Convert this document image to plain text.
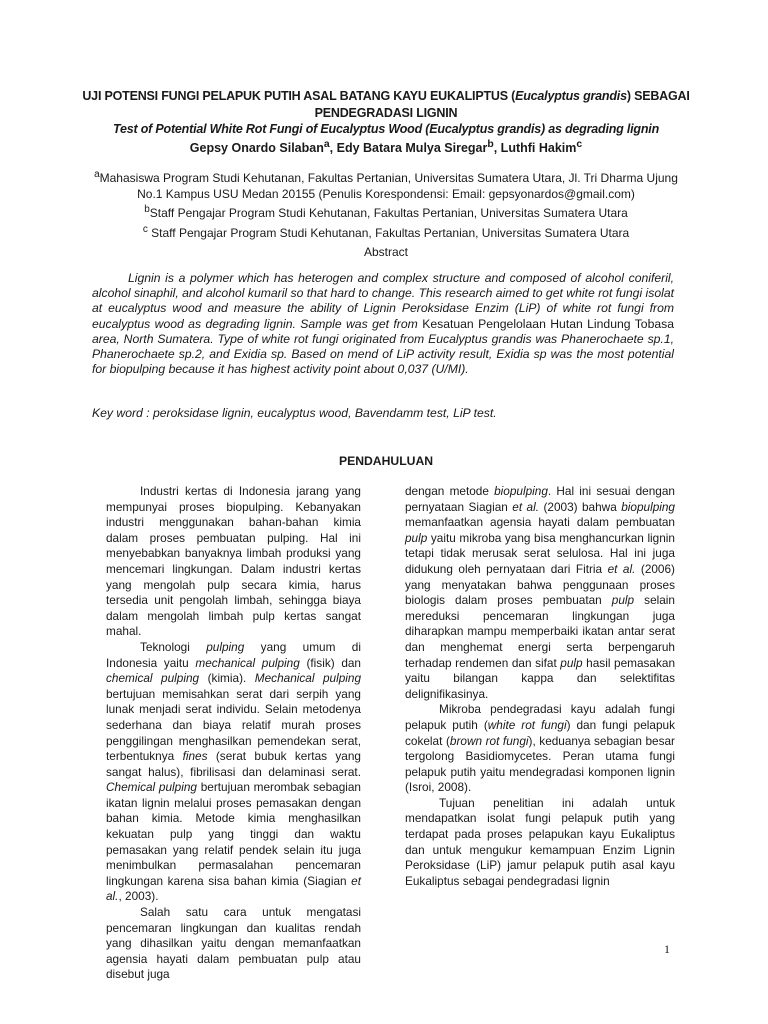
UJI POTENSI FUNGI PELAPUK PUTIH ASAL BATANG KAYU EUKALIPTUS (Eucalyptus grandis) SEBAGAI PENDEGRADASI LIGNIN
Test of Potential White Rot Fungi of Eucalyptus Wood (Eucalyptus grandis) as degrading lignin
Gepsy Onardo Silaban$^a$, Edy Batara Mulya Siregar$^b$, Luthfi Hakim$^c$
$^a$Mahasiswa Program Studi Kehutanan, Fakultas Pertanian, Universitas Sumatera Utara, Jl. Tri Dharma Ujung No.1 Kampus USU Medan 20155 (Penulis Korespondensi: Email: gepsyonardos@gmail.com)
$^b$Staff Pengajar Program Studi Kehutanan, Fakultas Pertanian, Universitas Sumatera Utara
$^c$ Staff Pengajar Program Studi Kehutanan, Fakultas Pertanian, Universitas Sumatera Utara
Abstract
Lignin is a polymer which has heterogen and complex structure and composed of alcohol coniferil, alcohol sinaphil, and alcohol kumaril so that hard to change. This research aimed to get white rot fungi isolat at eucalyptus wood and measure the ability of Lignin Peroksidase Enzim (LiP) of white rot fungi from eucalyptus wood as degrading lignin. Sample was get from Kesatuan Pengelolaan Hutan Lindung Tobasa area, North Sumatera. Type of white rot fungi originated from Eucalyptus grandis was Phanerochaete sp.1, Phanerochaete sp.2, and Exidia sp. Based on mend of LiP activity result, Exidia sp was the most potential for biopulping because it has highest activity point about 0,037 (U/MI).
Key word : peroksidase lignin, eucalyptus wood, Bavendamm test, LiP test.
PENDAHULUAN

Industri kertas di Indonesia jarang yang mempunyai proses biopulping. Kebanyakan industri menggunakan bahan-bahan kimia dalam proses pembuatan pulping. Hal ini menyebabkan banyaknya limbah produksi yang mencemari lingkungan. Dalam industri kertas yang mengolah pulp secara kimia, harus tersedia unit pengolah limbah, sehingga biaya dalam mengolah limbah pulp kertas sangat mahal.

Teknologi pulping yang umum di Indonesia yaitu mechanical pulping (fisik) dan chemical pulping (kimia). Mechanical pulping bertujuan memisahkan serat dari serpih yang lunak menjadi serat individu. Selain metodenya sederhana dan biaya relatif murah proses penggilingan menghasilkan pemendekan serat, terbentuknya fines (serat bubuk kertas yang sangat halus), fibrilisasi dan delaminasi serat. Chemical pulping bertujuan merombak sebagian ikatan lignin melalui proses pemasakan dengan bahan kimia. Metode kimia menghasilkan kekuatan pulp yang tinggi dan waktu pemasakan yang relatif pendek selain itu juga menimbulkan permasalahan pencemaran lingkungan karena sisa bahan kimia (Siagian et al., 2003).

Salah satu cara untuk mengatasi pencemaran lingkungan dan kualitas rendah yang dihasilkan yaitu dengan memanfaatkan agensia hayati dalam pembuatan pulp atau disebut juga

dengan metode biopulping. Hal ini sesuai dengan pernyataan Siagian et al. (2003) bahwa biopulping memanfaatkan agensia hayati dalam pembuatan pulp yaitu mikroba yang bisa menghancurkan lignin tetapi tidak merusak serat selulosa. Hal ini juga didukung oleh pernyataan dari Fitria et al. (2006) yang menyatakan bahwa penggunaan proses biologis dalam proses pembuatan pulp selain mereduksi pencemaran lingkungan juga diharapkan mampu memperbaiki ikatan antar serat dan menghemat energi serta berpengaruh terhadap rendemen dan sifat pulp hasil pemasakan yaitu bilangan kappa dan selektifitas delignifikasinya.

Mikroba pendegradasi kayu adalah fungi pelapuk putih (white rot fungi) dan fungi pelapuk cokelat (brown rot fungi), keduanya sebagian besar tergolong Basidiomycetes. Peran utama fungi pelapuk putih yaitu mendegradasi komponen lignin (Isroi, 2008).

Tujuan penelitian ini adalah untuk mendapatkan isolat fungi pelapuk putih yang terdapat pada proses pelapukan kayu Eukaliptus dan untuk mengukur kemampuan Enzim Lignin Peroksidase (LiP) jamur pelapuk putih asal kayu Eukaliptus sebagai pendegradasi lignin

1
